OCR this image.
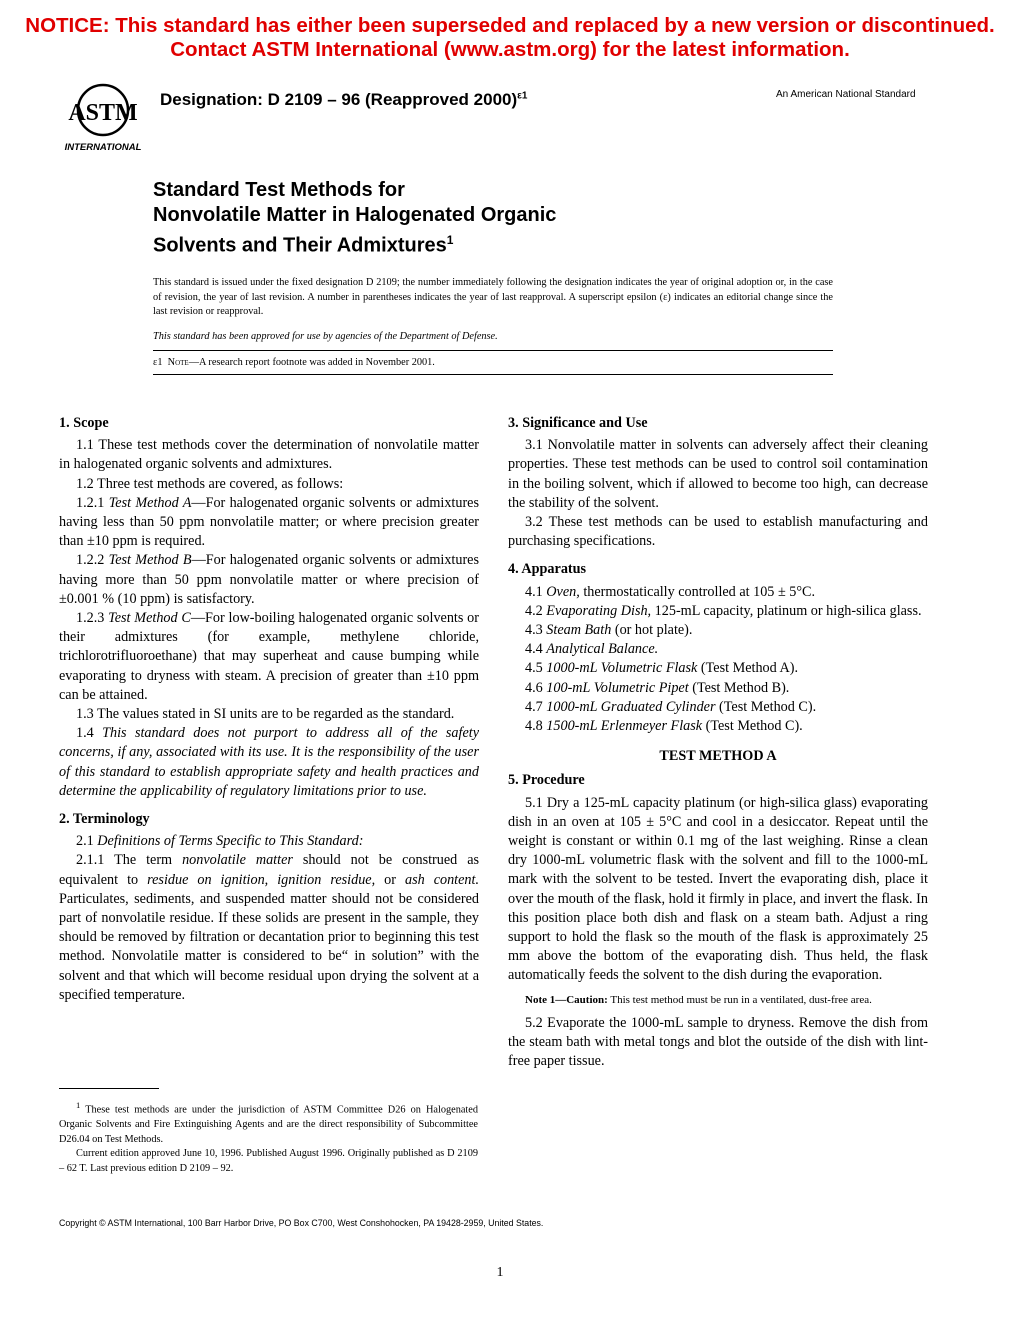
NOTICE: This standard has either been superseded and replaced by a new version or discontinued.
Contact ASTM International (www.astm.org) for the latest information.
ASTM
INTERNATIONAL
Designation: D 2109 – 96 (Reapproved 2000)$^{\varepsilon 1}$	An American National Standard
Standard Test Methods for
Nonvolatile Matter in Halogenated Organic
Solvents and Their Admixtures$^1$
This standard is issued under the fixed designation D 2109; the number immediately following the designation indicates the year of original adoption or, in the case of revision, the year of last revision. A number in parentheses indicates the year of last reapproval. A superscript epsilon (ε) indicates an editorial change since the last revision or reapproval.
This standard has been approved for use by agencies of the Department of Defense.
ε1 Note—A research report footnote was added in November 2001.
1. Scope

1.1 These test methods cover the determination of nonvolatile matter in halogenated organic solvents and admixtures.

1.2 Three test methods are covered, as follows:

1.2.1 Test Method A—For halogenated organic solvents or admixtures having less than 50 ppm nonvolatile matter; or where precision greater than ±10 ppm is required.

1.2.2 Test Method B—For halogenated organic solvents or admixtures having more than 50 ppm nonvolatile matter or where precision of ±0.001 % (10 ppm) is satisfactory.

1.2.3 Test Method C—For low-boiling halogenated organic solvents or their admixtures (for example, methylene chloride, trichlorotrifluoroethane) that may superheat and cause bumping while evaporating to dryness with steam. A precision of greater than ±10 ppm can be attained.

1.3 The values stated in SI units are to be regarded as the standard.

1.4 This standard does not purport to address all of the safety concerns, if any, associated with its use. It is the responsibility of the user of this standard to establish appropriate safety and health practices and determine the applicability of regulatory limitations prior to use.

2. Terminology

2.1 Definitions of Terms Specific to This Standard:

2.1.1 The term nonvolatile matter should not be construed as equivalent to residue on ignition, ignition residue, or ash content. Particulates, sediments, and suspended matter should not be considered part of nonvolatile residue. If these solids are present in the sample, they should be removed by filtration or decantation prior to beginning this test method. Nonvolatile matter is considered to be“ in solution” with the solvent and that which will become residual upon drying the solvent at a specified temperature.

$^1$ These test methods are under the jurisdiction of ASTM Committee D26 on Halogenated Organic Solvents and Fire Extinguishing Agents and are the direct responsibility of Subcommittee D26.04 on Test Methods.

Current edition approved June 10, 1996. Published August 1996. Originally published as D 2109 – 62 T. Last previous edition D 2109 – 92.

3. Significance and Use

3.1 Nonvolatile matter in solvents can adversely affect their cleaning properties. These test methods can be used to control soil contamination in the boiling solvent, which if allowed to become too high, can decrease the stability of the solvent.

3.2 These test methods can be used to establish manufacturing and purchasing specifications.

4. Apparatus

4.1 Oven, thermostatically controlled at 105 ± 5°C.

4.2 Evaporating Dish, 125-mL capacity, platinum or high-silica glass.

4.3 Steam Bath (or hot plate).

4.4 Analytical Balance.

4.5 1000-mL Volumetric Flask (Test Method A).

4.6 100-mL Volumetric Pipet (Test Method B).

4.7 1000-mL Graduated Cylinder (Test Method C).

4.8 1500-mL Erlenmeyer Flask (Test Method C).

TEST METHOD A
5. Procedure

5.1 Dry a 125-mL capacity platinum (or high-silica glass) evaporating dish in an oven at 105 ± 5°C and cool in a desiccator. Repeat until the weight is constant or within 0.1 mg of the last weighing. Rinse a clean dry 1000-mL volumetric flask with the solvent and fill to the 1000-mL mark with the solvent to be tested. Invert the evaporating dish, place it over the mouth of the flask, hold it firmly in place, and invert the flask. In this position place both dish and flask on a steam bath. Adjust a ring support to hold the flask so the mouth of the flask is approximately 25 mm above the bottom of the evaporating dish. Thus held, the flask automatically feeds the solvent to the dish during the evaporation.

Note 1—Caution: This test method must be run in a ventilated, dust-free area.

5.2 Evaporate the 1000-mL sample to dryness. Remove the dish from the steam bath with metal tongs and blot the outside of the dish with lint-free paper tissue.

Copyright © ASTM International, 100 Barr Harbor Drive, PO Box C700, West Conshohocken, PA 19428-2959, United States.
1
